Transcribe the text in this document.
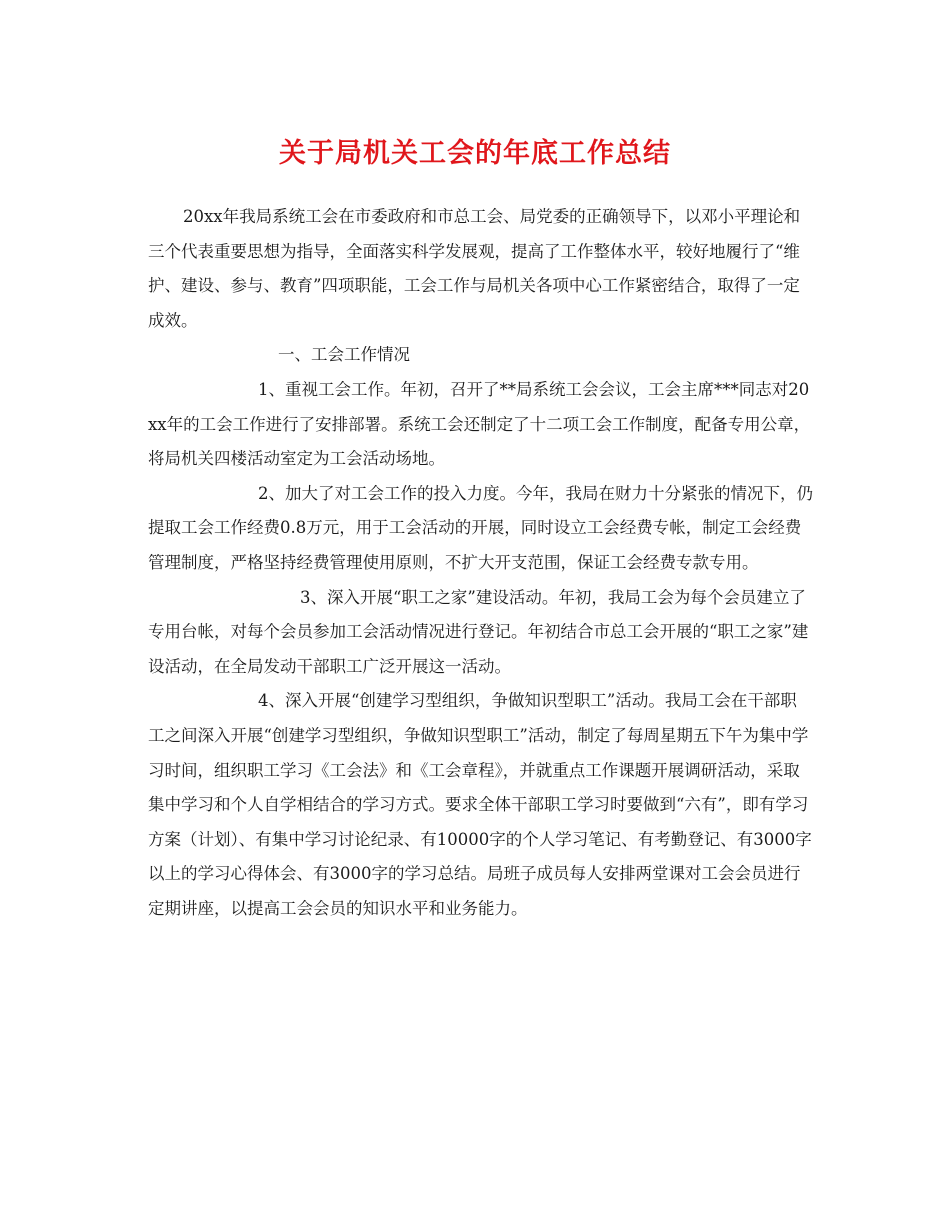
关于局机关工会的年底工作总结

20xx年我局系统工会在市委政府和市总工会、局党委的正确领导下，以邓小平理论和三个代表重要思想为指导，全面落实科学发展观，提高了工作整体水平，较好地履行了“维护、建设、参与、教育”四项职能，工会工作与局机关各项中心工作紧密结合，取得了一定成效。

一、工会工作情况

1、重视工会工作。年初，召开了**局系统工会会议，工会主席***同志对20xx年的工会工作进行了安排部署。系统工会还制定了十二项工会工作制度，配备专用公章，将局机关四楼活动室定为工会活动场地。

2、加大了对工会工作的投入力度。今年，我局在财力十分紧张的情况下，仍提取工会工作经费0.8万元，用于工会活动的开展，同时设立工会经费专帐，制定工会经费管理制度，严格坚持经费管理使用原则，不扩大开支范围，保证工会经费专款专用。

3、深入开展“职工之家”建设活动。年初，我局工会为每个会员建立了专用台帐，对每个会员参加工会活动情况进行登记。年初结合市总工会开展的“职工之家”建设活动，在全局发动干部职工广泛开展这一活动。

4、深入开展“创建学习型组织，争做知识型职工”活动。我局工会在干部职工之间深入开展“创建学习型组织，争做知识型职工”活动，制定了每周星期五下午为集中学习时间，组织职工学习《工会法》和《工会章程》，并就重点工作课题开展调研活动，采取集中学习和个人自学相结合的学习方式。要求全体干部职工学习时要做到“六有”，即有学习方案（计划）、有集中学习讨论纪录、有10000字的个人学习笔记、有考勤登记、有3000字以上的学习心得体会、有3000字的学习总结。局班子成员每人安排两堂课对工会会员进行定期讲座，以提高工会会员的知识水平和业务能力。
